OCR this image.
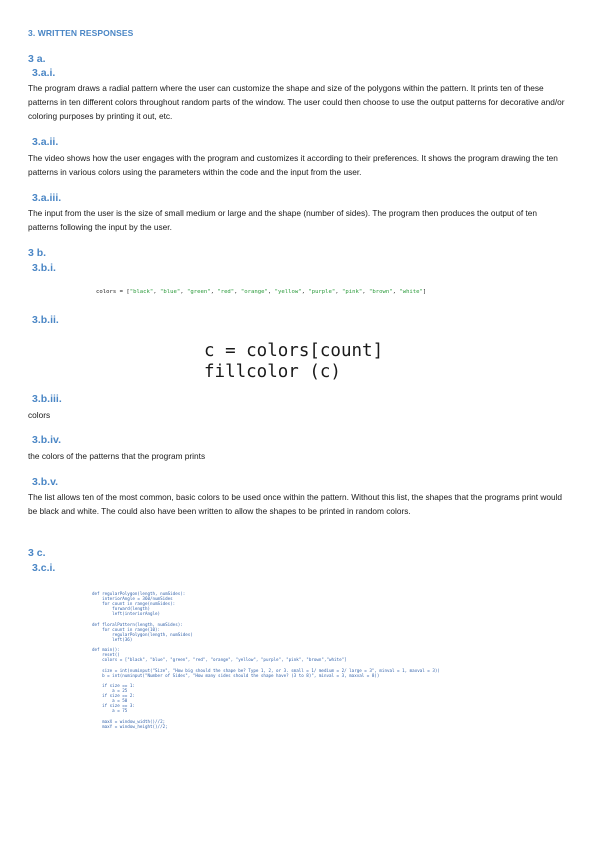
3. WRITTEN RESPONSES
3 a.
3.a.i.
The program draws a radial pattern where the user can customize the shape and size of the polygons within the pattern. It prints ten of these patterns in ten different colors throughout random parts of the window. The user could then choose to use the output patterns for decorative and/or coloring purposes by printing it out, etc.
3.a.ii.
The video shows how the user engages with the program and customizes it according to their preferences. It shows the program drawing the ten patterns in various colors using the parameters within the code and the input from the user.
3.a.iii.
The input from the user is the size of small medium or large and the shape (number of sides). The program then produces the output of ten patterns following the input by the user.
3 b.
3.b.i.
colors = ["black", "blue", "green", "red", "orange", "yellow", "purple", "pink", "brown", "white"]
3.b.ii.
c = colors[count]
fillcolor (c)
3.b.iii.
colors
3.b.iv.
the colors of the patterns that the program prints
3.b.v.
The list allows ten of the most common, basic colors to be used once within the pattern. Without this list, the shapes that the programs print would be black and white. The could also have been written to allow the shapes to be printed in random colors.
3 c.
3.c.i.
def regularPolygon(length, numSides):
interiorAngle = 360/numSides
for count in range(numSides):
forward(length)
left(interiorAngle)
def floralPattern(length, numSides):
for count in range(10):
regularPolygon(length, numSides)
left(36)
def main():
reset()
colors = ["black", "blue", "green", "red", "orange", "yellow", "purple", "pink", "brown","white"]
size = int(numinput("Size", "How big should the shape be? Type 1, 2, or 3. small = 1/ medium = 2/ large = 3", minval = 1, maxval = 3))
b = int(numinput("Number of Sides", "How many sides should the shape have? (3 to 8)", minval = 3, maxval = 8))
if size == 1:
a = 25
if size == 2:
a = 50
if size == 3:
a = 75
maxX = window_width()//2;
maxY = window_height()//2;
